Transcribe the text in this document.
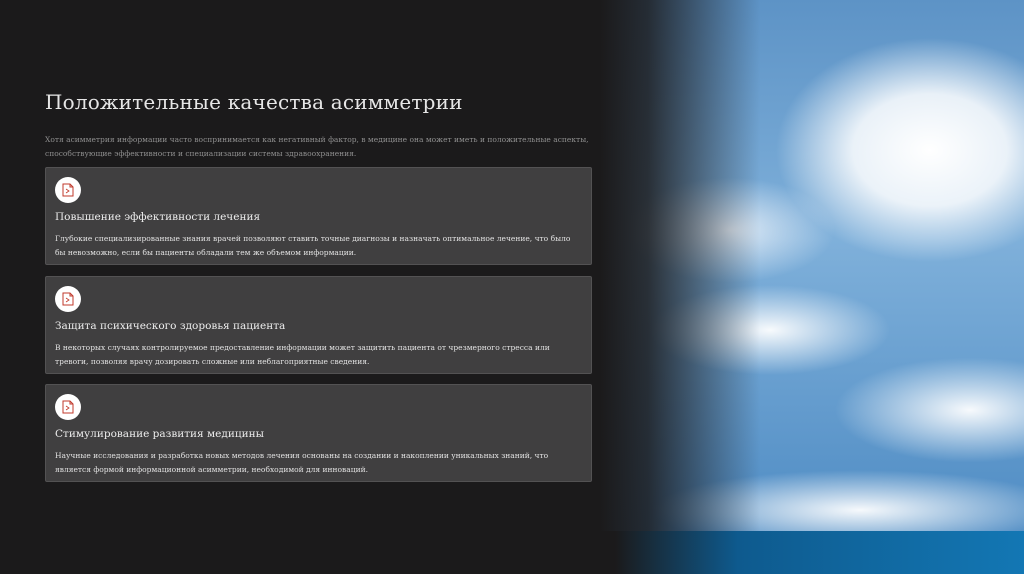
Положительные качества асимметрии

Хотя асимметрия информации часто воспринимается как негативный фактор, в медицине она может иметь и положительные аспекты, способствующие эффективности и специализации системы здравоохранения.

Повышение эффективности лечения

Глубокие специализированные знания врачей позволяют ставить точные диагнозы и назначать оптимальное лечение, что было бы невозможно, если бы пациенты обладали тем же объемом информации.

Защита психического здоровья пациента

В некоторых случаях контролируемое предоставление информации может защитить пациента от чрезмерного стресса или тревоги, позволяя врачу дозировать сложные или неблагоприятные сведения.

Стимулирование развития медицины

Научные исследования и разработка новых методов лечения основаны на создании и накоплении уникальных знаний, что является формой информационной асимметрии, необходимой для инноваций.
